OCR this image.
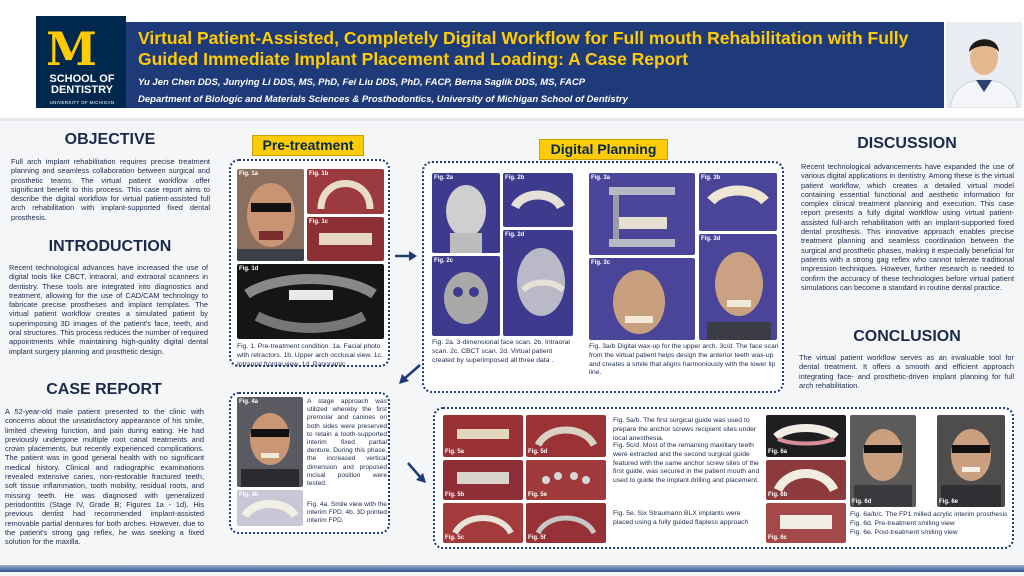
M
SCHOOL OF DENTISTRY
UNIVERSITY OF MICHIGAN
Virtual Patient-Assisted, Completely Digital Workflow for Full mouth Rehabilitation with Fully Guided Immediate Implant Placement and Loading: A Case Report
Yu Jen Chen DDS, Junying Li DDS, MS, PhD, Fei Liu DDS, PhD, FACP, Berna Saglik DDS, MS, FACP
Department of Biologic and Materials Sciences & Prosthodontics, University of Michigan School of Dentistry
OBJECTIVE
Full arch implant rehabilitation requires precise treatment planning and seamless collaboration between surgical and prosthetic teams. The virtual patient workflow offer significant benefit to this process. This case report aims to describe the digital workflow for virtual patient-assisted full arch rehabilitation with implant-supported fixed dental prosthesis.
INTRODUCTION
Recent technological advances have increased the use of digital tools like CBCT, intraoral, and extraoral scanners in dentistry. These tools are integrated into diagnostics and treatment, allowing for the use of CAD/CAM technology to fabricate precise prostheses and implant templates. The virtual patient workflow creates a simulated patient by superimposing 3D images of the patient's face, teeth, and oral structures. This process reduces the number of required appointments while maintaining high-quality digital dental implant surgery planning and prosthetic design.
CASE REPORT
A 52-year-old male patient presented to the clinic with concerns about the unsatisfactory appearance of his smile, limited chewing function, and pain during eating. He had previously undergone multiple root canal treatments and crown placements, but recently experienced complications. The patient was in good general health with no significant medical history. Clinical and radiographic examinations revealed extensive caries, non-restorable fractured teeth, soft tissue inflammation, tooth mobility, residual roots, and missing teeth. He was diagnosed with generalized periodontitis (Stage IV, Grade B; Figures 1a - 1d). His previous dentist had recommended implant-assisted removable partial dentures for both arches. However, due to the patient's strong gag reflex, he was seeking a fixed solution for the maxilla.
Pre-treatment
Fig. 1a	Fig. 1b
Fig. 1c
Fig. 1d
Fig. 1. Pre-treatment condition. 1a. Facial photo with retractors. 1b. Upper arch occlusal view. 1c. Intraoral frontal view. 1d. Panoramic
Digital Planning
Fig. 2a	Fig. 2b
Fig. 2c
Fig. 2d
Fig. 2a. 3-dimensional face scan. 2b. Intraoral scan. 2c. CBCT scan. 2d. Virtual patient created by superimposed all three data .
Fig. 3a	Fig. 3b
Fig. 3c
Fig. 3d
Fig. 3a/b Digital wax-up for the upper arch. 3c/d. The face scan from the virtual patient helps design the anterior teeth wax-up and creates a smile that aligns harmoniously with the lower lip line.
Fig. 4a
Fig. 4b
A stage approach was utilized whereby the first premolar and canines on both sides were preserved to retain a tooth-supported interim fixed partial denture. During this phase, the increased vertical dimension and proposed incisal position were tested.
Fig. 4a. Smile view with the interim FPD. 4b. 3D printed interim FPD.
Fig. 5a
Fig. 5b
Fig. 5c
Fig. 5d
Fig. 5e
Fig. 5f
Fig. 5a/b. The first surgical guide was used to prepare the anchor screws recipient sites under local anesthesia.
Fig. 5c/d. Most of the remaining maxillary teeth were extracted and the second surgical guide featured with the same anchor screw sites of the first guide, was secured in the patient mouth and used to guide the implant drilling and placement.
Fig. 5e. Six Straumann BLX implants were placed using a fully guided flapless approach
Fig. 6a
Fig. 6b
Fig. 6c
Fig. 6d	Fig. 6e
Fig. 6a/b/c. The FP1 milled acrylic interim prosthesis
Fig. 6d. Pre-treatment smiling view
Fig. 6e. Post-treatment smiling view
DISCUSSION
Recent technological advancements have expanded the use of various digital applications in dentistry. Among these is the virtual patient workflow, which creates a detailed virtual model containing essential functional and aesthetic information for complex clinical treatment planning and execution. This case report presents a fully digital workflow using virtual patient-assisted full-arch rehabilitation with an implant-supported fixed dental prosthesis. This innovative approach enables precise treatment planning and seamless coordination between the surgical and prosthetic phases, making it especially beneficial for patients with a strong gag reflex who cannot tolerate traditional impression techniques. However, further research is needed to confirm the accuracy of these technologies before virtual patient simulations can become a standard in routine dental practice.
CONCLUSION
The virtual patient workflow serves as an invaluable tool for dental treatment. It offers a smooth and efficient approach integrating face- and prosthetic-driven implant planning for full arch rehabilitation.
